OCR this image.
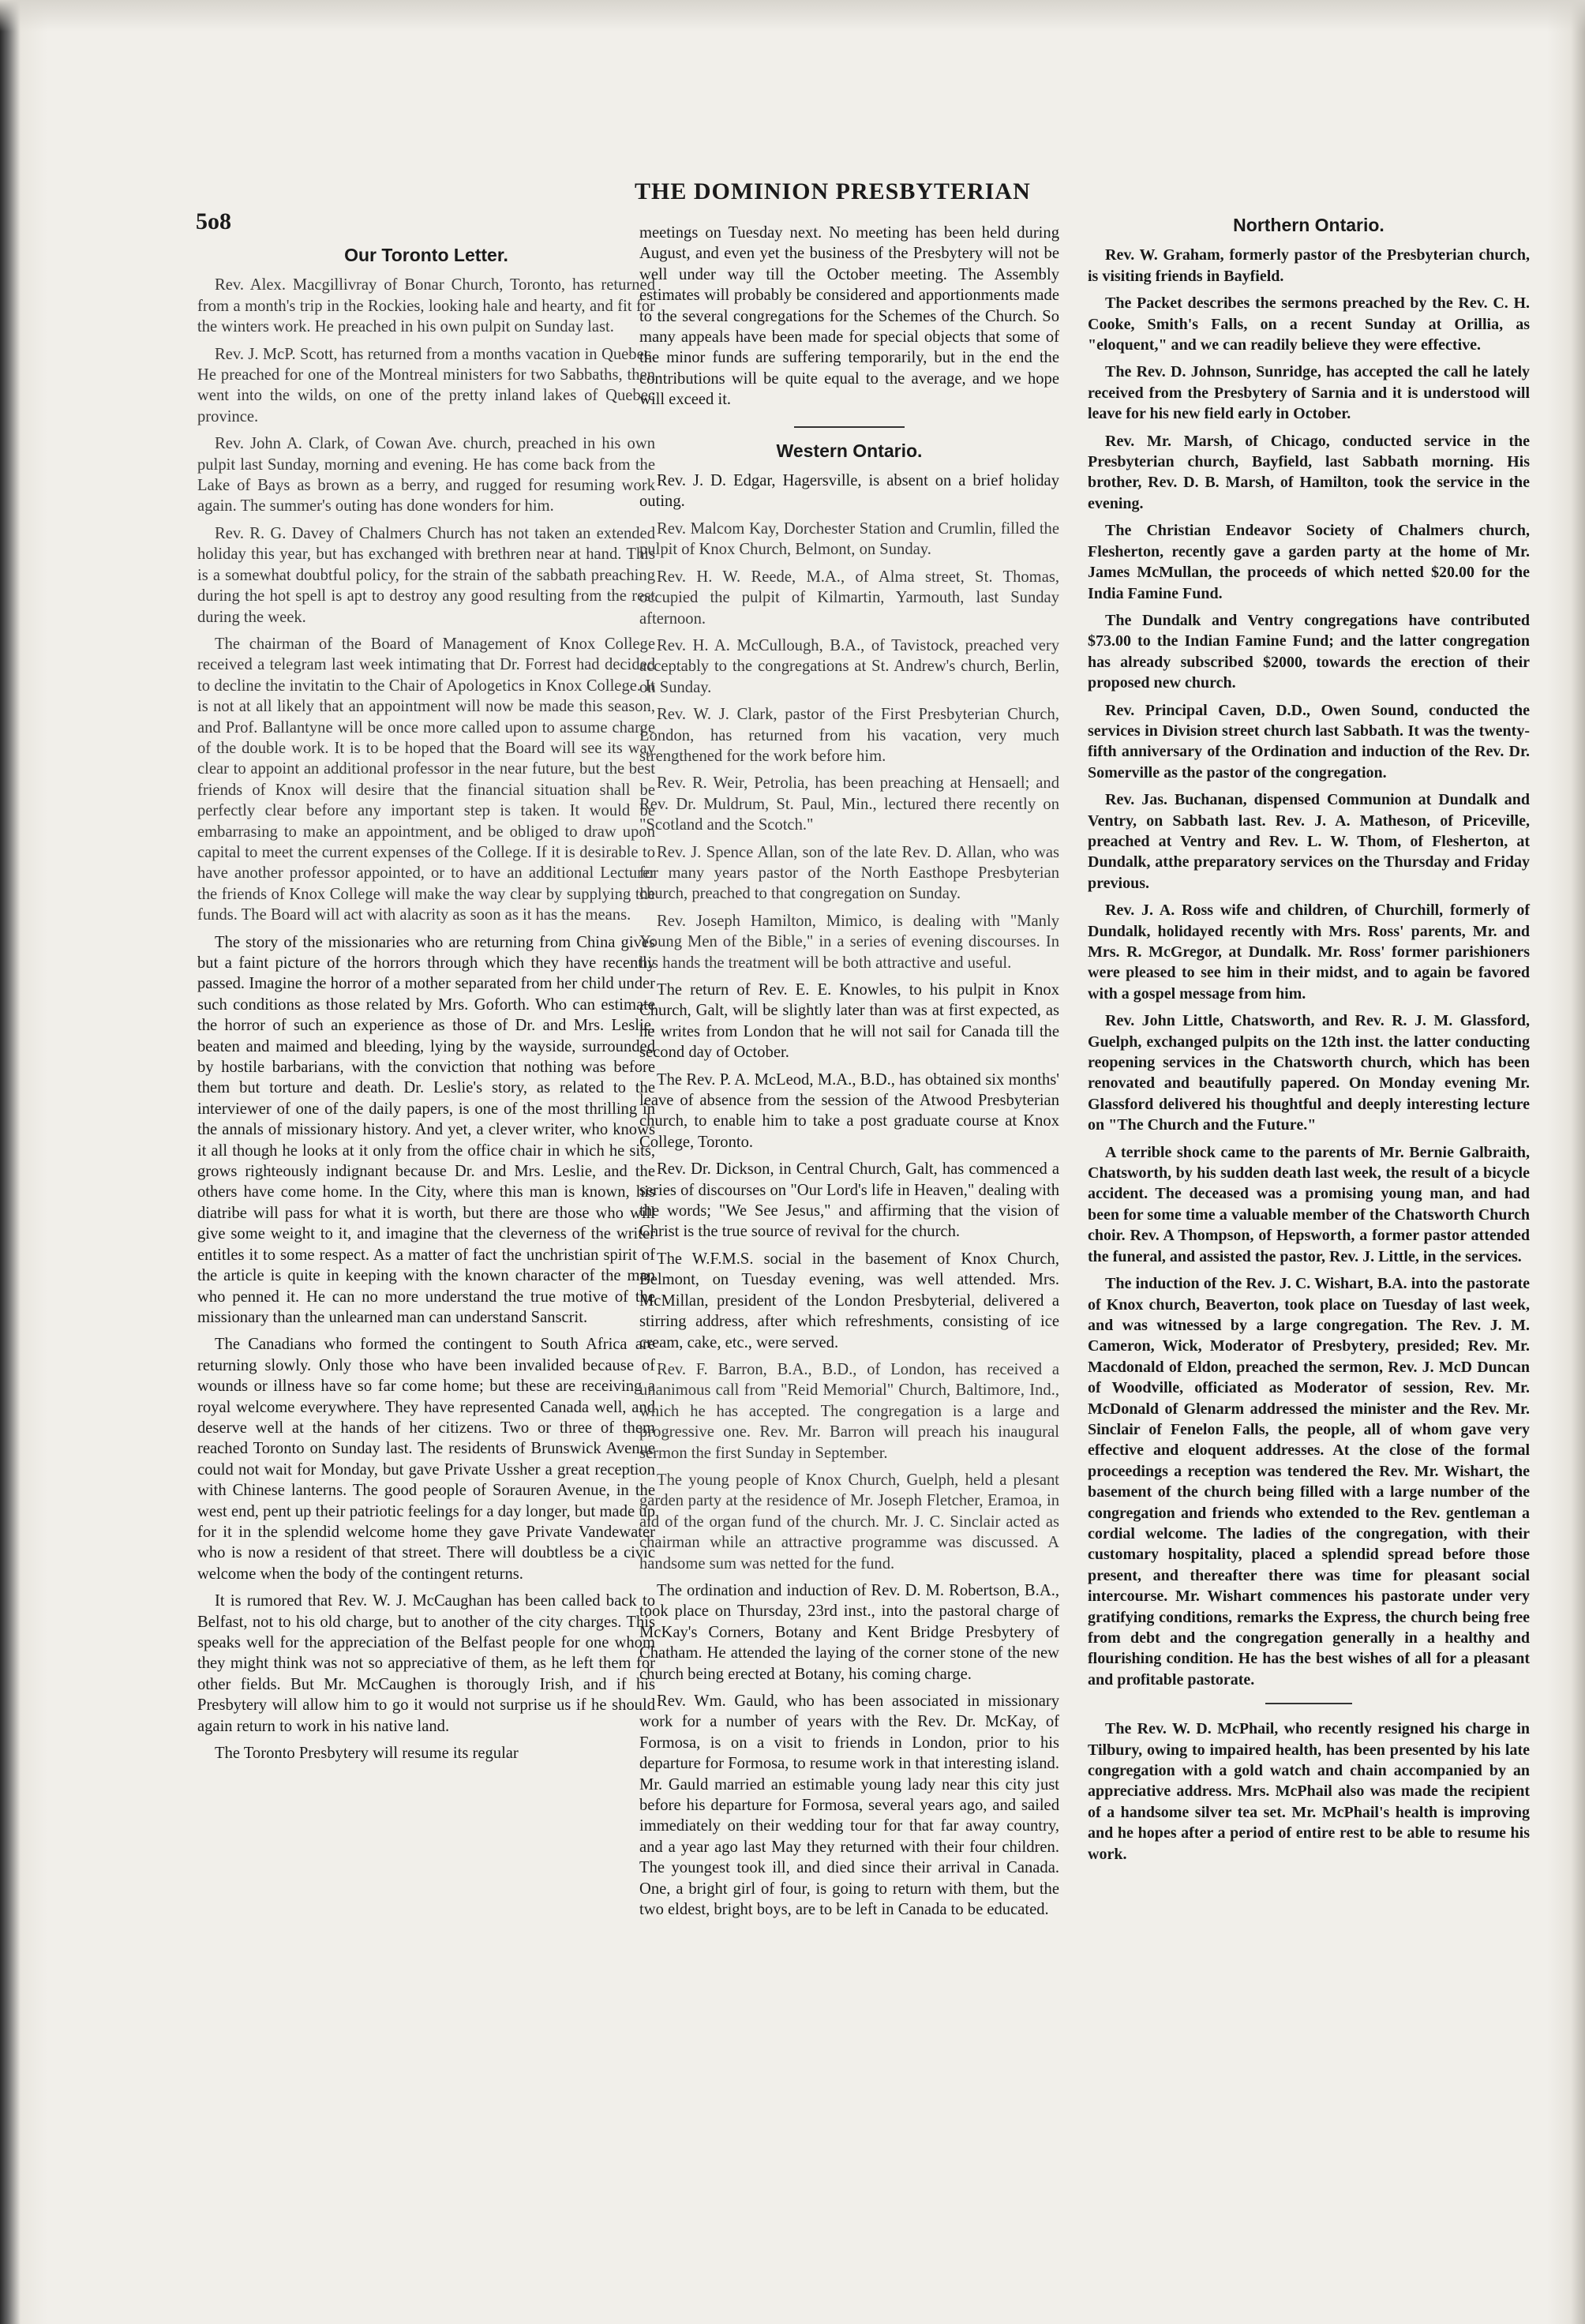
5o8
THE DOMINION PRESBYTERIAN
Our Toronto Letter.

Rev. Alex. Macgillivray of Bonar Church, Toronto, has returned from a month's trip in the Rockies, looking hale and hearty, and fit for the winters work. He preached in his own pulpit on Sunday last.

Rev. J. McP. Scott, has returned from a months vacation in Quebec. He preached for one of the Montreal ministers for two Sabbaths, then went into the wilds, on one of the pretty inland lakes of Quebec province.

Rev. John A. Clark, of Cowan Ave. church, preached in his own pulpit last Sunday, morning and evening. He has come back from the Lake of Bays as brown as a berry, and rugged for resuming work again. The summer's outing has done wonders for him.

Rev. R. G. Davey of Chalmers Church has not taken an extended holiday this year, but has exchanged with brethren near at hand. This is a somewhat doubtful policy, for the strain of the sabbath preaching during the hot spell is apt to destroy any good resulting from the rest during the week.

The chairman of the Board of Management of Knox College received a telegram last week intimating that Dr. Forrest had decided to decline the invitatin to the Chair of Apologetics in Knox College. It is not at all likely that an appointment will now be made this season, and Prof. Ballantyne will be once more called upon to assume charge of the double work. It is to be hoped that the Board will see its way clear to appoint an additional professor in the near future, but the best friends of Knox will desire that the financial situation shall be perfectly clear before any important step is taken. It would be embarrasing to make an appointment, and be obliged to draw upon capital to meet the current expenses of the College. If it is desirable to have another professor appointed, or to have an additional Lecturer the friends of Knox College will make the way clear by supplying the funds. The Board will act with alacrity as soon as it has the means.

The story of the missionaries who are returning from China gives but a faint picture of the horrors through which they have recently passed. Imagine the horror of a mother separated from her child under such conditions as those related by Mrs. Goforth. Who can estimate the horror of such an experience as those of Dr. and Mrs. Leslie, beaten and maimed and bleeding, lying by the wayside, surrounded by hostile barbarians, with the conviction that nothing was before them but torture and death. Dr. Leslie's story, as related to the interviewer of one of the daily papers, is one of the most thrilling in the annals of missionary history. And yet, a clever writer, who knows it all though he looks at it only from the office chair in which he sits, grows righteously indignant because Dr. and Mrs. Leslie, and the others have come home. In the City, where this man is known, his diatribe will pass for what it is worth, but there are those who will give some weight to it, and imagine that the cleverness of the writer entitles it to some respect. As a matter of fact the unchristian spirit of the article is quite in keeping with the known character of the man who penned it. He can no more understand the true motive of the missionary than the unlearned man can understand Sanscrit.

The Canadians who formed the contingent to South Africa are returning slowly. Only those who have been invalided because of wounds or illness have so far come home; but these are receiving a royal welcome everywhere. They have represented Canada well, and deserve well at the hands of her citizens. Two or three of them reached Toronto on Sunday last. The residents of Brunswick Avenue could not wait for Monday, but gave Private Ussher a great reception with Chinese lanterns. The good people of Sorauren Avenue, in the west end, pent up their patriotic feelings for a day longer, but made up for it in the splendid welcome home they gave Private Vandewater who is now a resident of that street. There will doubtless be a civic welcome when the body of the contingent returns.

It is rumored that Rev. W. J. McCaughan has been called back to Belfast, not to his old charge, but to another of the city charges. This speaks well for the appreciation of the Belfast people for one whom they might think was not so appreciative of them, as he left them for other fields. But Mr. McCaughen is thorougly Irish, and if his Presbytery will allow him to go it would not surprise us if he should again return to work in his native land.

The Toronto Presbytery will resume its regular

meetings on Tuesday next. No meeting has been held during August, and even yet the business of the Presbytery will not be well under way till the October meeting. The Assembly estimates will probably be considered and apportionments made to the several congregations for the Schemes of the Church. So many appeals have been made for special objects that some of the minor funds are suffering temporarily, but in the end the contributions will be quite equal to the average, and we hope will exceed it.

Western Ontario.

Rev. J. D. Edgar, Hagersville, is absent on a brief holiday outing.

Rev. Malcom Kay, Dorchester Station and Crumlin, filled the pulpit of Knox Church, Belmont, on Sunday.

Rev. H. W. Reede, M.A., of Alma street, St. Thomas, occupied the pulpit of Kilmartin, Yarmouth, last Sunday afternoon.

Rev. H. A. McCullough, B.A., of Tavistock, preached very acceptably to the congregations at St. Andrew's church, Berlin, on Sunday.

Rev. W. J. Clark, pastor of the First Presbyterian Church, London, has returned from his vacation, very much strengthened for the work before him.

Rev. R. Weir, Petrolia, has been preaching at Hensaell; and Rev. Dr. Muldrum, St. Paul, Min., lectured there recently on "Scotland and the Scotch."

Rev. J. Spence Allan, son of the late Rev. D. Allan, who was for many years pastor of the North Easthope Presbyterian church, preached to that congregation on Sunday.

Rev. Joseph Hamilton, Mimico, is dealing with "Manly Young Men of the Bible," in a series of evening discourses. In his hands the treatment will be both attractive and useful.

The return of Rev. E. E. Knowles, to his pulpit in Knox Church, Galt, will be slightly later than was at first expected, as he writes from London that he will not sail for Canada till the second day of October.

The Rev. P. A. McLeod, M.A., B.D., has obtained six months' leave of absence from the session of the Atwood Presbyterian church, to enable him to take a post graduate course at Knox College, Toronto.

Rev. Dr. Dickson, in Central Church, Galt, has commenced a series of discourses on "Our Lord's life in Heaven," dealing with the words; "We See Jesus," and affirming that the vision of Christ is the true source of revival for the church.

The W.F.M.S. social in the basement of Knox Church, Belmont, on Tuesday evening, was well attended. Mrs. McMillan, president of the London Presbyterial, delivered a stirring address, after which refreshments, consisting of ice cream, cake, etc., were served.

Rev. F. Barron, B.A., B.D., of London, has received a unanimous call from "Reid Memorial" Church, Baltimore, Ind., which he has accepted. The congregation is a large and progressive one. Rev. Mr. Barron will preach his inaugural sermon the first Sunday in September.

The young people of Knox Church, Guelph, held a plesant garden party at the residence of Mr. Joseph Fletcher, Eramoa, in aid of the organ fund of the church. Mr. J. C. Sinclair acted as chairman while an attractive programme was discussed. A handsome sum was netted for the fund.

The ordination and induction of Rev. D. M. Robertson, B.A., took place on Thursday, 23rd inst., into the pastoral charge of McKay's Corners, Botany and Kent Bridge Presbytery of Chatham. He attended the laying of the corner stone of the new church being erected at Botany, his coming charge.

Rev. Wm. Gauld, who has been associated in missionary work for a number of years with the Rev. Dr. McKay, of Formosa, is on a visit to friends in London, prior to his departure for Formosa, to resume work in that interesting island. Mr. Gauld married an estimable young lady near this city just before his departure for Formosa, several years ago, and sailed immediately on their wedding tour for that far away country, and a year ago last May they returned with their four children. The youngest took ill, and died since their arrival in Canada. One, a bright girl of four, is going to return with them, but the two eldest, bright boys, are to be left in Canada to be educated.

Northern Ontario.

Rev. W. Graham, formerly pastor of the Presbyterian church, is visiting friends in Bayfield.

The Packet describes the sermons preached by the Rev. C. H. Cooke, Smith's Falls, on a recent Sunday at Orillia, as "eloquent," and we can readily believe they were effective.

The Rev. D. Johnson, Sunridge, has accepted the call he lately received from the Presbytery of Sarnia and it is understood will leave for his new field early in October.

Rev. Mr. Marsh, of Chicago, conducted service in the Presbyterian church, Bayfield, last Sabbath morning. His brother, Rev. D. B. Marsh, of Hamilton, took the service in the evening.

The Christian Endeavor Society of Chalmers church, Flesherton, recently gave a garden party at the home of Mr. James McMullan, the proceeds of which netted $20.00 for the India Famine Fund.

The Dundalk and Ventry congregations have contributed $73.00 to the Indian Famine Fund; and the latter congregation has already subscribed $2000, towards the erection of their proposed new church.

Rev. Principal Caven, D.D., Owen Sound, conducted the services in Division street church last Sabbath. It was the twenty-fifth anniversary of the Ordination and induction of the Rev. Dr. Somerville as the pastor of the congregation.

Rev. Jas. Buchanan, dispensed Communion at Dundalk and Ventry, on Sabbath last. Rev. J. A. Matheson, of Priceville, preached at Ventry and Rev. L. W. Thom, of Flesherton, at Dundalk, atthe preparatory services on the Thursday and Friday previous.

Rev. J. A. Ross wife and children, of Churchill, formerly of Dundalk, holidayed recently with Mrs. Ross' parents, Mr. and Mrs. R. McGregor, at Dundalk. Mr. Ross' former parishioners were pleased to see him in their midst, and to again be favored with a gospel message from him.

Rev. John Little, Chatsworth, and Rev. R. J. M. Glassford, Guelph, exchanged pulpits on the 12th inst. the latter conducting reopening services in the Chatsworth church, which has been renovated and beautifully papered. On Monday evening Mr. Glassford delivered his thoughtful and deeply interesting lecture on "The Church and the Future."

A terrible shock came to the parents of Mr. Bernie Galbraith, Chatsworth, by his sudden death last week, the result of a bicycle accident. The deceased was a promising young man, and had been for some time a valuable member of the Chatsworth Church choir. Rev. A Thompson, of Hepsworth, a former pastor attended the funeral, and assisted the pastor, Rev. J. Little, in the services.

The induction of the Rev. J. C. Wishart, B.A. into the pastorate of Knox church, Beaverton, took place on Tuesday of last week, and was witnessed by a large congregation. The Rev. J. M. Cameron, Wick, Moderator of Presbytery, presided; Rev. Mr. Macdonald of Eldon, preached the sermon, Rev. J. McD Duncan of Woodville, officiated as Moderator of session, Rev. Mr. McDonald of Glenarm addressed the minister and the Rev. Mr. Sinclair of Fenelon Falls, the people, all of whom gave very effective and eloquent addresses. At the close of the formal proceedings a reception was tendered the Rev. Mr. Wishart, the basement of the church being filled with a large number of the congregation and friends who extended to the Rev. gentleman a cordial welcome. The ladies of the congregation, with their customary hospitality, placed a splendid spread before those present, and thereafter there was time for pleasant social intercourse. Mr. Wishart commences his pastorate under very gratifying conditions, remarks the Express, the church being free from debt and the congregation generally in a healthy and flourishing condition. He has the best wishes of all for a pleasant and profitable pastorate.

The Rev. W. D. McPhail, who recently resigned his charge in Tilbury, owing to impaired health, has been presented by his late congregation with a gold watch and chain accompanied by an appreciative address. Mrs. McPhail also was made the recipient of a handsome silver tea set. Mr. McPhail's health is improving and he hopes after a period of entire rest to be able to resume his work.
